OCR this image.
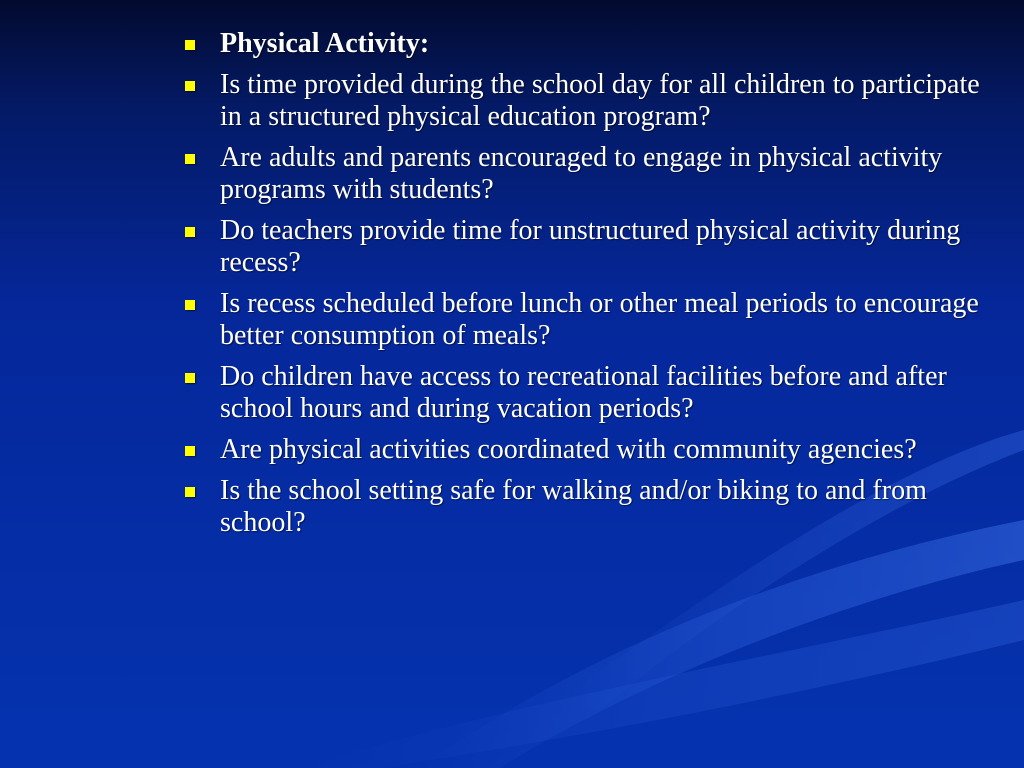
Physical Activity:
Is time provided during the school day for all children to participate in a structured physical education program?
Are adults and parents encouraged to engage in physical activity programs with students?
Do teachers provide time for unstructured physical activity during recess?
Is recess scheduled before lunch or other meal periods to encourage better consumption of meals?
Do children have access to recreational facilities before and after school hours and during vacation periods?
Are physical activities coordinated with community agencies?
Is the school setting safe for walking and/or biking to and from school?
